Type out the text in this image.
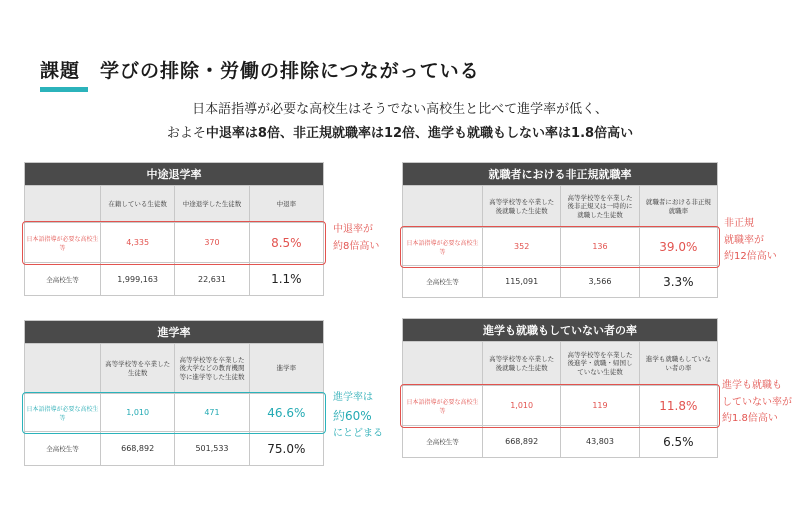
課題　学びの排除・労働の排除につながっている
日本語指導が必要な高校生はそうでない高校生と比べて進学率が低く、
およそ中退率は8倍、非正規就職率は12倍、進学も就職もしない率は1.8倍高い
中途退学率			
	在籍している生徒数	中途退学した生徒数	中退率
日本語指導が必要な高校生等	4,335	370	8.5%
全高校生等	1,999,163	22,631	1.1%
中退率が
約8倍高い
就職者における非正規就職率			
	高等学校等を卒業した後就職した生徒数	高等学校等を卒業した後非正規又は一時的に就職した生徒数	就職者における非正規就職率
日本語指導が必要な高校生等	352	136	39.0%
全高校生等	115,091	3,566	3.3%
非正規
就職率が
約12倍高い
進学率			
	高等学校等を卒業した生徒数	高等学校等を卒業した後大学などの教育機関等に進学等した生徒数	進学率
日本語指導が必要な高校生等	1,010	471	46.6%
全高校生等	668,892	501,533	75.0%
進学率は
約60%
にとどまる
進学も就職もしていない者の率			
	高等学校等を卒業した後就職した生徒数	高等学校等を卒業した後進学・就職・帰国していない生徒数	進学も就職もしていない者の率
日本語指導が必要な高校生等	1,010	119	11.8%
全高校生等	668,892	43,803	6.5%
進学も就職も
していない率が
約1.8倍高い
